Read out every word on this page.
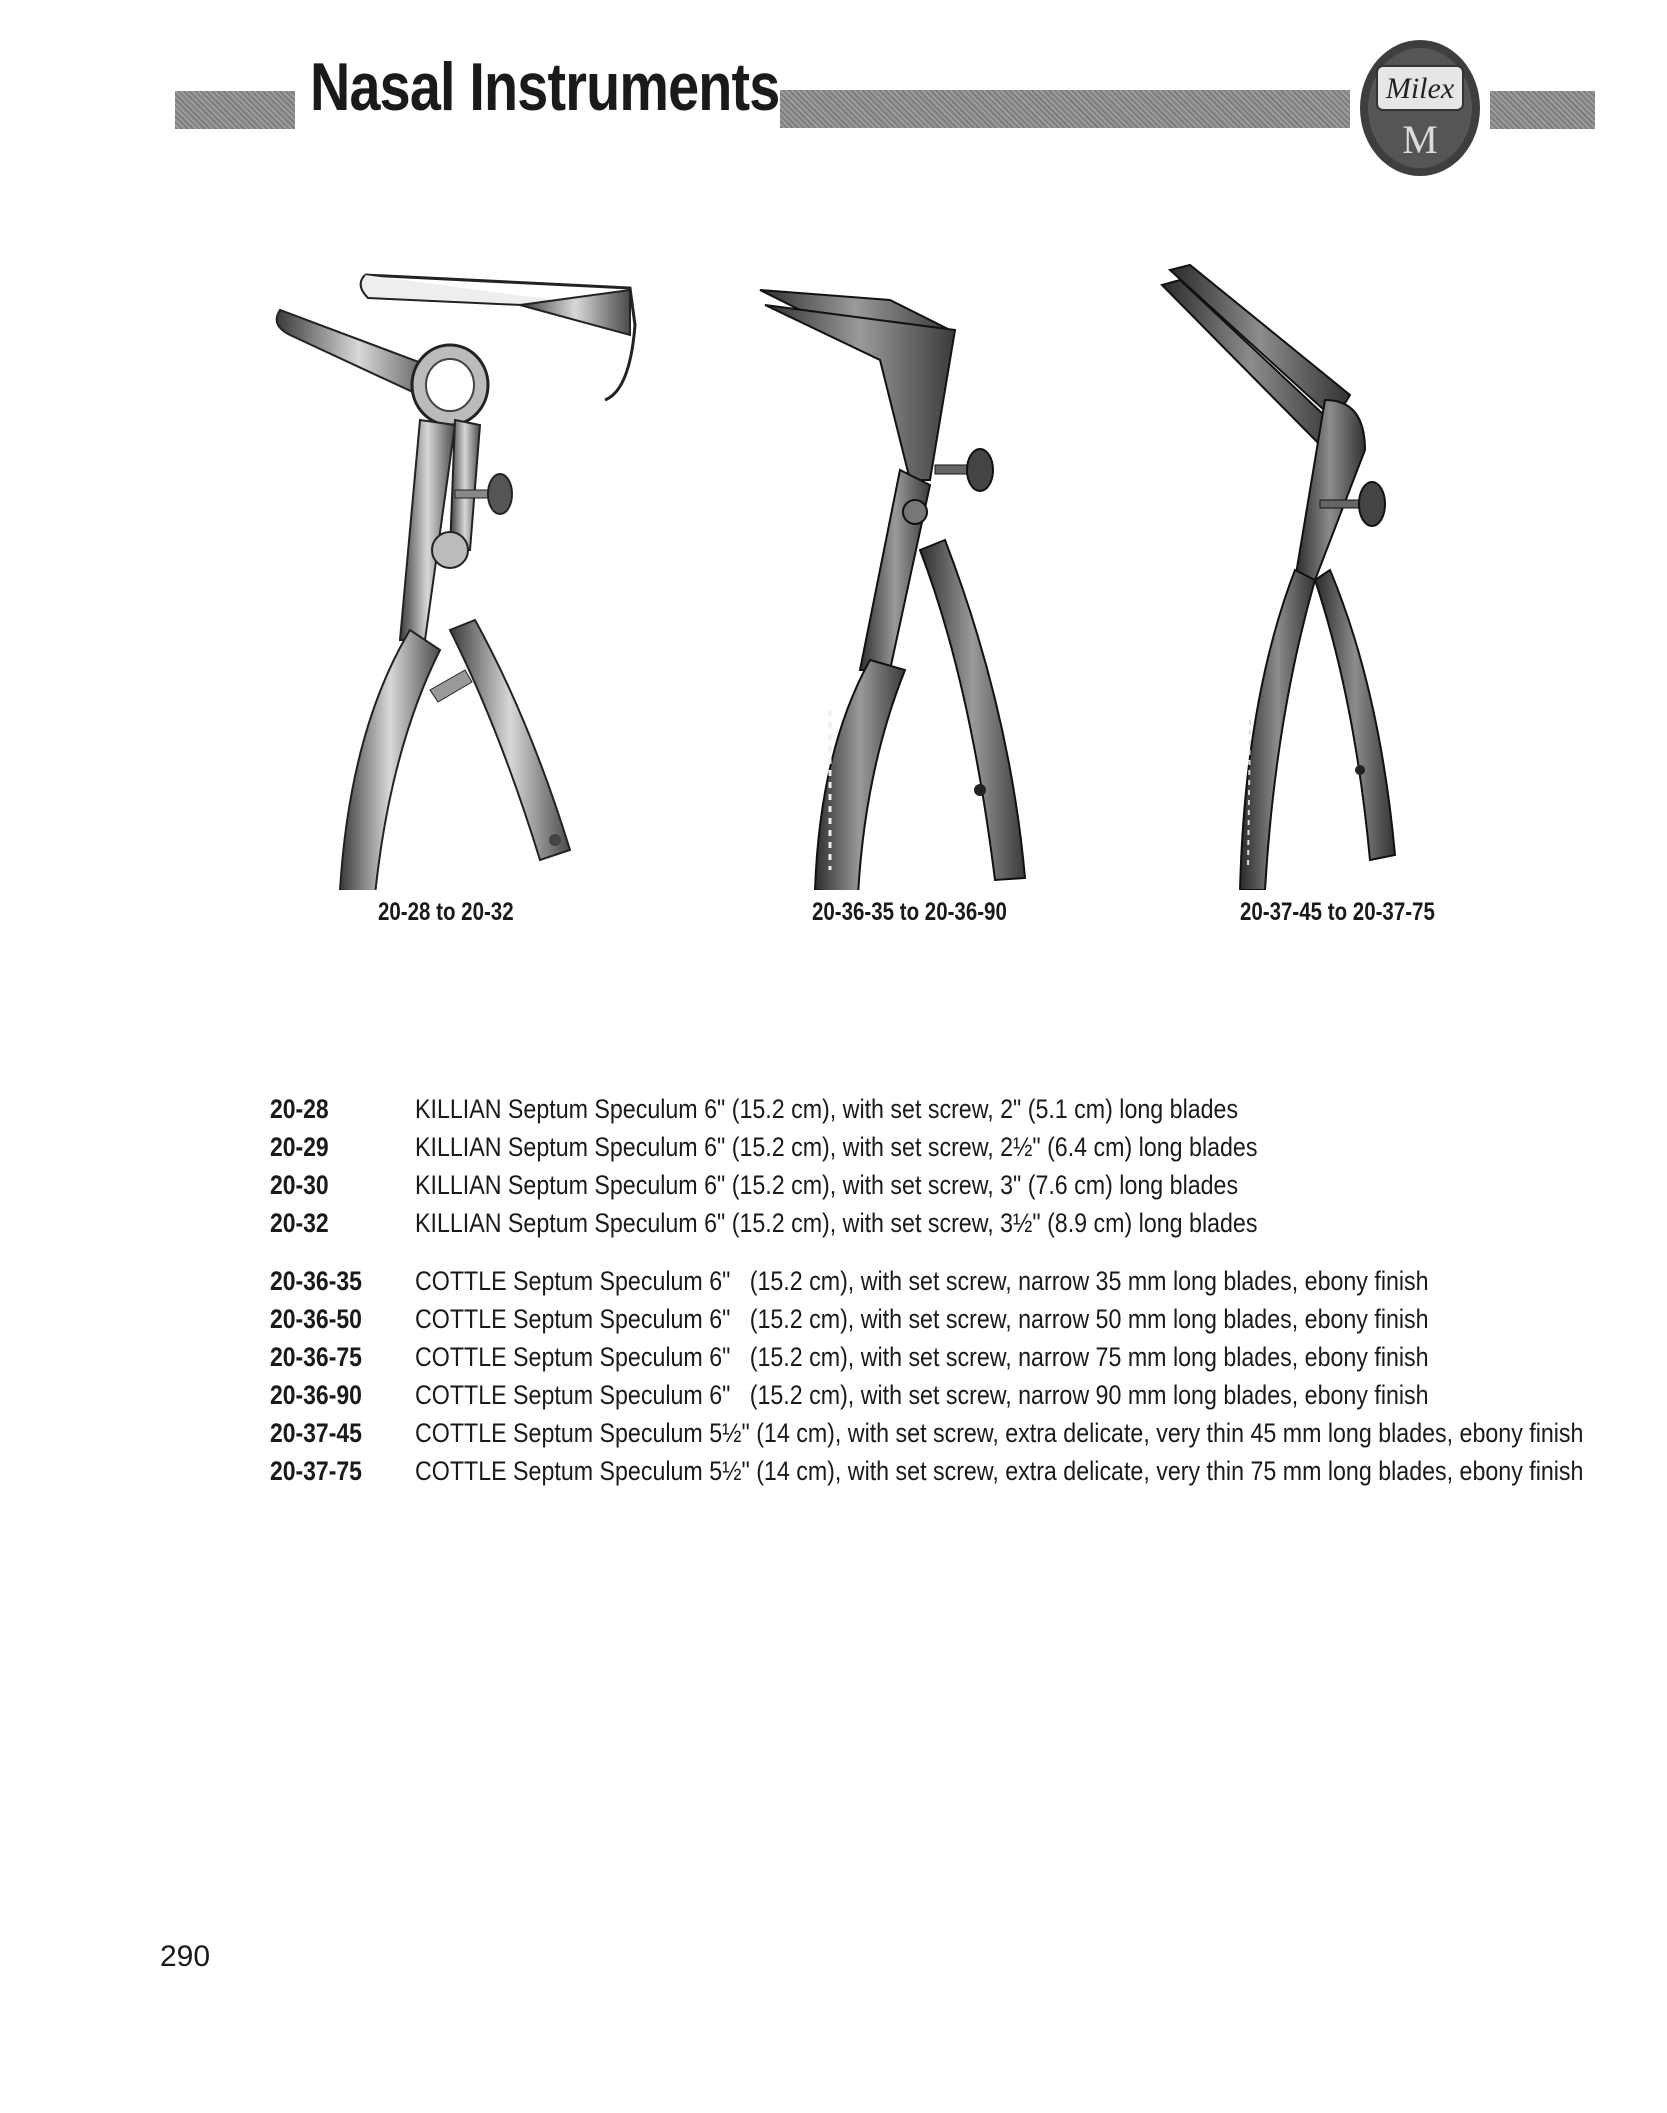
Nasal Instruments	Milex
M
20-28 to 20-32	20-36-35 to 20-36-90	20-37-45 to 20-37-75
20-28	KILLIAN Septum Speculum 6" (15.2 cm), with set screw, 2" (5.1 cm) long blades
20-29	KILLIAN Septum Speculum 6" (15.2 cm), with set screw, 2½" (6.4 cm) long blades
20-30	KILLIAN Septum Speculum 6" (15.2 cm), with set screw, 3" (7.6 cm) long blades
20-32	KILLIAN Septum Speculum 6" (15.2 cm), with set screw, 3½" (8.9 cm) long blades
20-36-35	COTTLE Septum Speculum 6"   (15.2 cm), with set screw, narrow 35 mm long blades, ebony finish
20-36-50	COTTLE Septum Speculum 6"   (15.2 cm), with set screw, narrow 50 mm long blades, ebony finish
20-36-75	COTTLE Septum Speculum 6"   (15.2 cm), with set screw, narrow 75 mm long blades, ebony finish
20-36-90	COTTLE Septum Speculum 6"   (15.2 cm), with set screw, narrow 90 mm long blades, ebony finish
20-37-45	COTTLE Septum Speculum 5½" (14 cm), with set screw, extra delicate, very thin 45 mm long blades, ebony finish
20-37-75	COTTLE Septum Speculum 5½" (14 cm), with set screw, extra delicate, very thin 75 mm long blades, ebony finish
290
